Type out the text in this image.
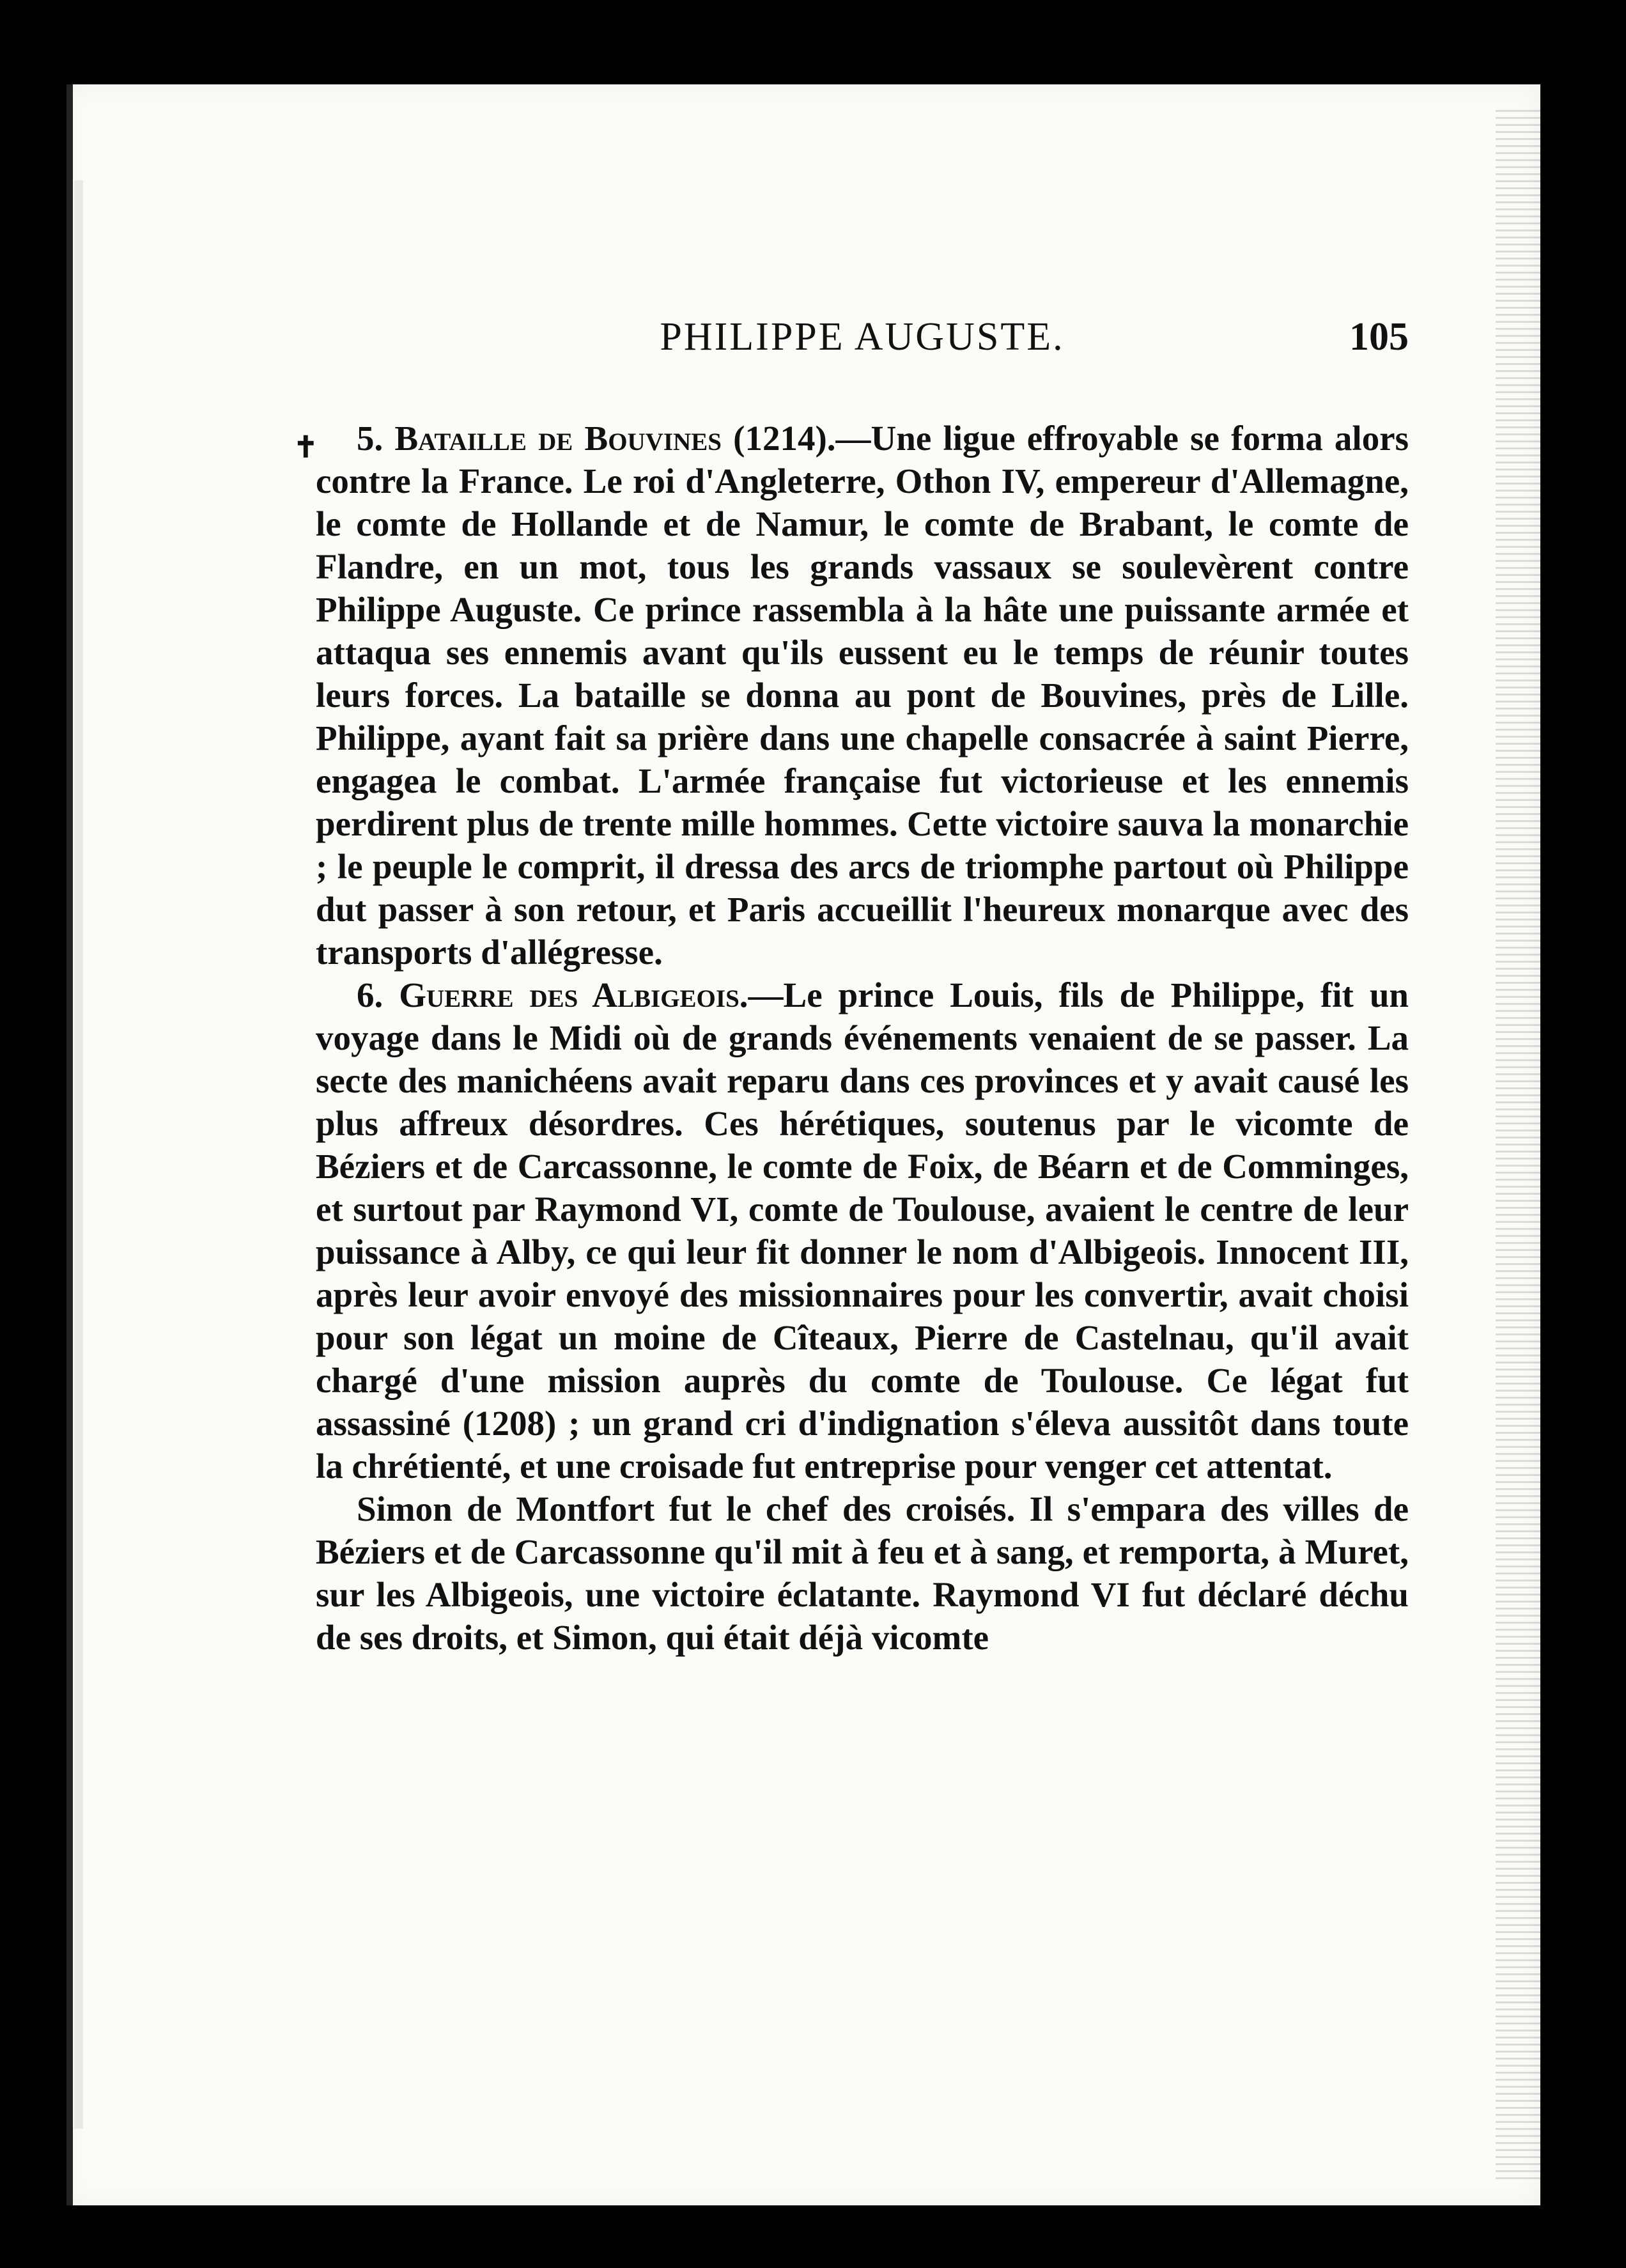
PHILIPPE AUGUSTE.	105
✝	5. Bataille de Bouvines (1214).—Une ligue effroyable se forma alors contre la France. Le roi d'Angleterre, Othon IV, empereur d'Allemagne, le comte de Hollande et de Namur, le comte de Brabant, le comte de Flandre, en un mot, tous les grands vassaux se soulevèrent contre Philippe Auguste. Ce prince rassembla à la hâte une puissante armée et attaqua ses ennemis avant qu'ils eussent eu le temps de réunir toutes leurs forces. La bataille se donna au pont de Bouvines, près de Lille. Philippe, ayant fait sa prière dans une chapelle consacrée à saint Pierre, engagea le combat. L'armée française fut victorieuse et les ennemis perdirent plus de trente mille hommes. Cette victoire sauva la monarchie ; le peuple le comprit, il dressa des arcs de triomphe partout où Philippe dut passer à son retour, et Paris accueillit l'heureux monarque avec des transports d'allégresse.

6. Guerre des Albigeois.—Le prince Louis, fils de Philippe, fit un voyage dans le Midi où de grands événements venaient de se passer. La secte des manichéens avait reparu dans ces provinces et y avait causé les plus affreux désordres. Ces hérétiques, soutenus par le vicomte de Béziers et de Carcassonne, le comte de Foix, de Béarn et de Comminges, et surtout par Raymond VI, comte de Toulouse, avaient le centre de leur puissance à Alby, ce qui leur fit donner le nom d'Albigeois. Innocent III, après leur avoir envoyé des missionnaires pour les convertir, avait choisi pour son légat un moine de Cîteaux, Pierre de Castelnau, qu'il avait chargé d'une mission auprès du comte de Toulouse. Ce légat fut assassiné (1208) ; un grand cri d'indignation s'éleva aussitôt dans toute la chrétienté, et une croisade fut entreprise pour venger cet attentat.

Simon de Montfort fut le chef des croisés. Il s'empara des villes de Béziers et de Carcassonne qu'il mit à feu et à sang, et remporta, à Muret, sur les Albigeois, une victoire éclatante. Raymond VI fut déclaré déchu de ses droits, et Simon, qui était déjà vicomte
